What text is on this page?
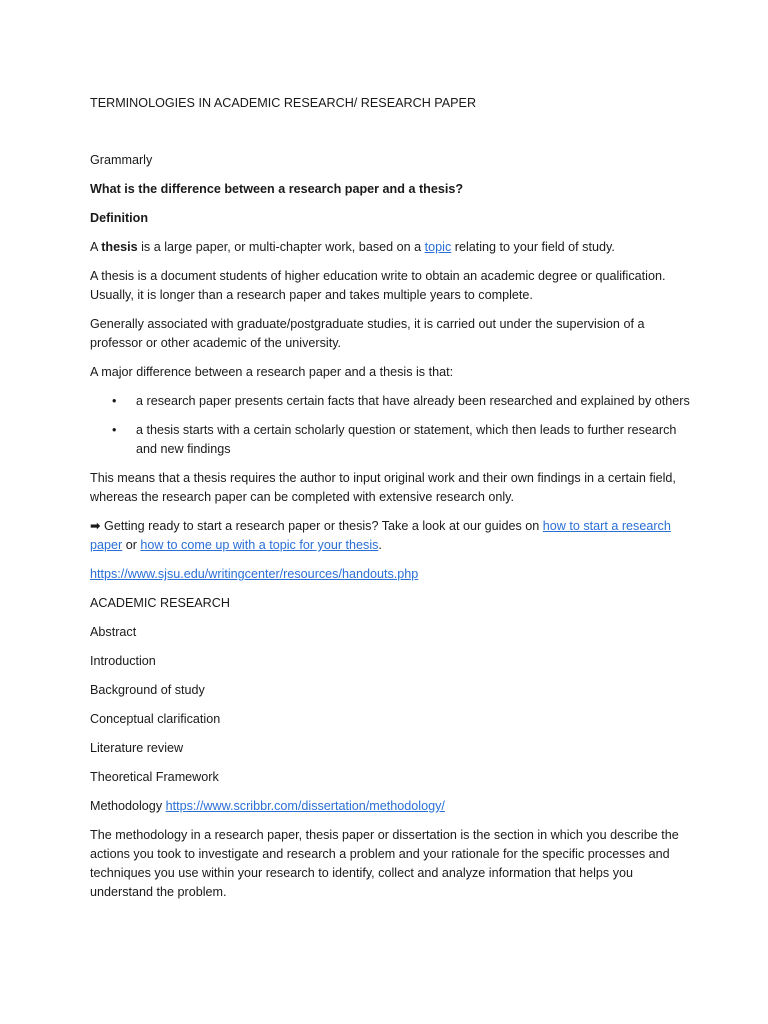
TERMINOLOGIES IN ACADEMIC RESEARCH/ RESEARCH PAPER

Grammarly

What is the difference between a research paper and a thesis?

Definition

A thesis is a large paper, or multi-chapter work, based on a topic relating to your field of study.

A thesis is a document students of higher education write to obtain an academic degree or qualification. Usually, it is longer than a research paper and takes multiple years to complete.

Generally associated with graduate/postgraduate studies, it is carried out under the supervision of a professor or other academic of the university.

A major difference between a research paper and a thesis is that:

• a research paper presents certain facts that have already been researched and explained by others
• a thesis starts with a certain scholarly question or statement, which then leads to further research and new findings

This means that a thesis requires the author to input original work and their own findings in a certain field, whereas the research paper can be completed with extensive research only.

➡ Getting ready to start a research paper or thesis? Take a look at our guides on how to start a research paper or how to come up with a topic for your thesis.

https://www.sjsu.edu/writingcenter/resources/handouts.php

ACADEMIC RESEARCH

Abstract

Introduction

Background of study

Conceptual clarification

Literature review

Theoretical Framework

Methodology https://www.scribbr.com/dissertation/methodology/

The methodology in a research paper, thesis paper or dissertation is the section in which you describe the actions you took to investigate and research a problem and your rationale for the specific processes and techniques you use within your research to identify, collect and analyze information that helps you understand the problem.
